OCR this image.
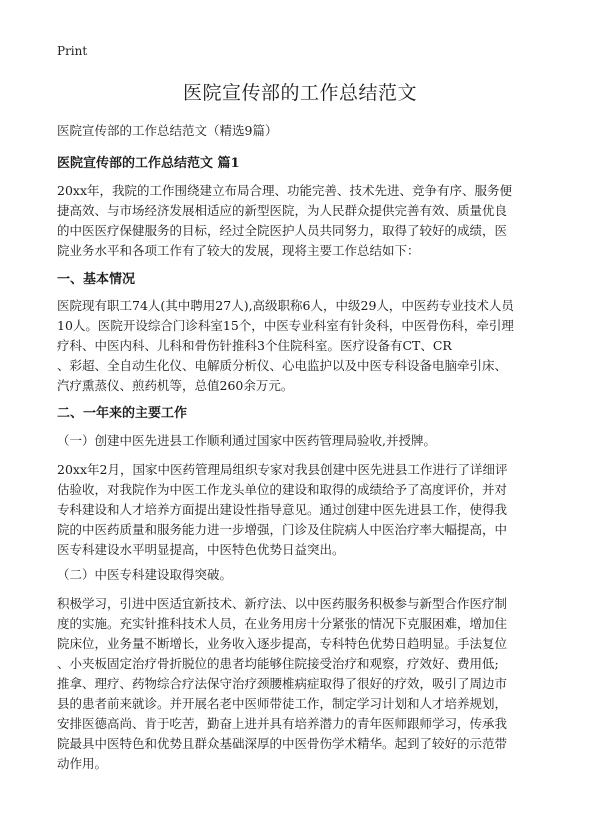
Print
医院宣传部的工作总结范文

医院宣传部的工作总结范文（精选9篇）

医院宣传部的工作总结范文 篇1

20xx年，我院的工作围绕建立布局合理、功能完善、技术先进、竞争有序、服务便

捷高效、与市场经济发展相适应的新型医院，为人民群众提供完善有效、质量优良

的中医医疗保健服务的目标，经过全院医护人员共同努力，取得了较好的成绩，医

院业务水平和各项工作有了较大的发展，现将主要工作总结如下：

一、基本情况

医院现有职工74人(其中聘用27人),高级职称6人，中级29人，中医药专业技术人员

10人。医院开设综合门诊科室15个，中医专业科室有针灸科，中医骨伤科，牵引理

疗科、中医内科、儿科和骨伤针推科3个住院科室。医疗设备有CT、CR

、彩超、全自动生化仪、电解质分析仪、心电监护以及中医专科设备电脑牵引床、

汽疗熏蒸仪、煎药机等，总值260余万元。

二、一年来的主要工作

（一）创建中医先进县工作顺利通过国家中医药管理局验收,并授牌。

20xx年2月，国家中医药管理局组织专家对我县创建中医先进县工作进行了详细评

估验收，对我院作为中医工作龙头单位的建设和取得的成绩给予了高度评价，并对

专科建设和人才培养方面提出建设性指导意见。通过创建中医先进县工作，使得我

院的中医药质量和服务能力进一步增强，门诊及住院病人中医治疗率大幅提高，中

医专科建设水平明显提高，中医特色优势日益突出。

（二）中医专科建设取得突破。

积极学习，引进中医适宜新技术、新疗法、以中医药服务积极参与新型合作医疗制

度的实施。充实针推科技术人员，在业务用房十分紧张的情况下克服困难，增加住

院床位，业务量不断增长，业务收入逐步提高，专科特色优势日趋明显。手法复位

、小夹板固定治疗骨折脱位的患者均能够住院接受治疗和观察，疗效好、费用低;

推拿、理疗、药物综合疗法保守治疗颈腰椎病症取得了很好的疗效，吸引了周边市

县的患者前来就诊。并开展名老中医师带徒工作，制定学习计划和人才培养规划，

安排医德高尚、肯于吃苦，勤奋上进并具有培养潜力的青年医师跟师学习，传承我

院最具中医特色和优势且群众基础深厚的中医骨伤学术精华。起到了较好的示范带

动作用。
